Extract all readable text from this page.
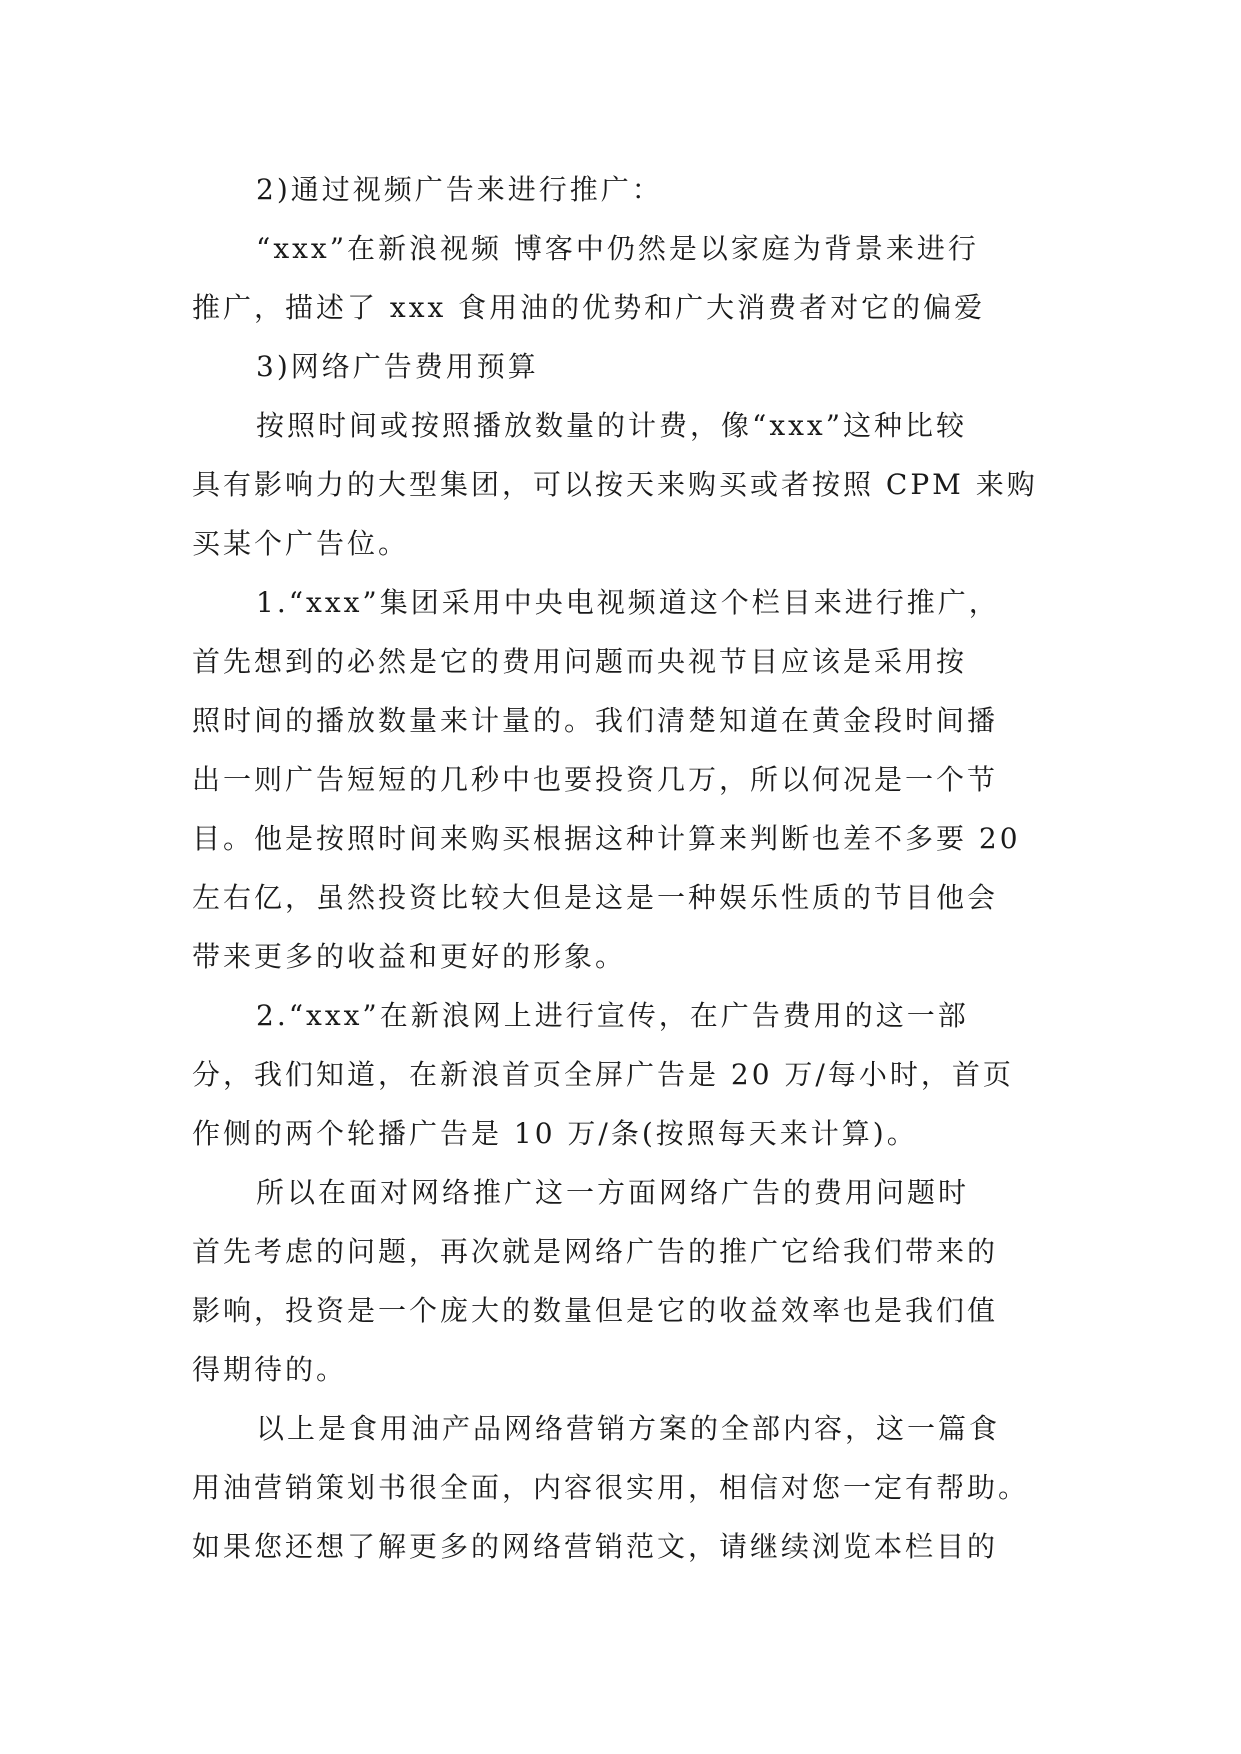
2)通过视频广告来进行推广：
“xxx”在新浪视频 博客中仍然是以家庭为背景来进行
推广，描述了 xxx 食用油的优势和广大消费者对它的偏爱
3)网络广告费用预算
按照时间或按照播放数量的计费，像“xxx”这种比较
具有影响力的大型集团，可以按天来购买或者按照 CPM 来购
买某个广告位。
1.“xxx”集团采用中央电视频道这个栏目来进行推广，
首先想到的必然是它的费用问题而央视节目应该是采用按
照时间的播放数量来计量的。我们清楚知道在黄金段时间播
出一则广告短短的几秒中也要投资几万，所以何况是一个节
目。他是按照时间来购买根据这种计算来判断也差不多要 20
左右亿，虽然投资比较大但是这是一种娱乐性质的节目他会
带来更多的收益和更好的形象。
2.“xxx”在新浪网上进行宣传，在广告费用的这一部
分，我们知道，在新浪首页全屏广告是 20 万/每小时，首页
作侧的两个轮播广告是 10 万/条(按照每天来计算)。
所以在面对网络推广这一方面网络广告的费用问题时
首先考虑的问题，再次就是网络广告的推广它给我们带来的
影响，投资是一个庞大的数量但是它的收益效率也是我们值
得期待的。
以上是食用油产品网络营销方案的全部内容，这一篇食
用油营销策划书很全面，内容很实用，相信对您一定有帮助。
如果您还想了解更多的网络营销范文，请继续浏览本栏目的
